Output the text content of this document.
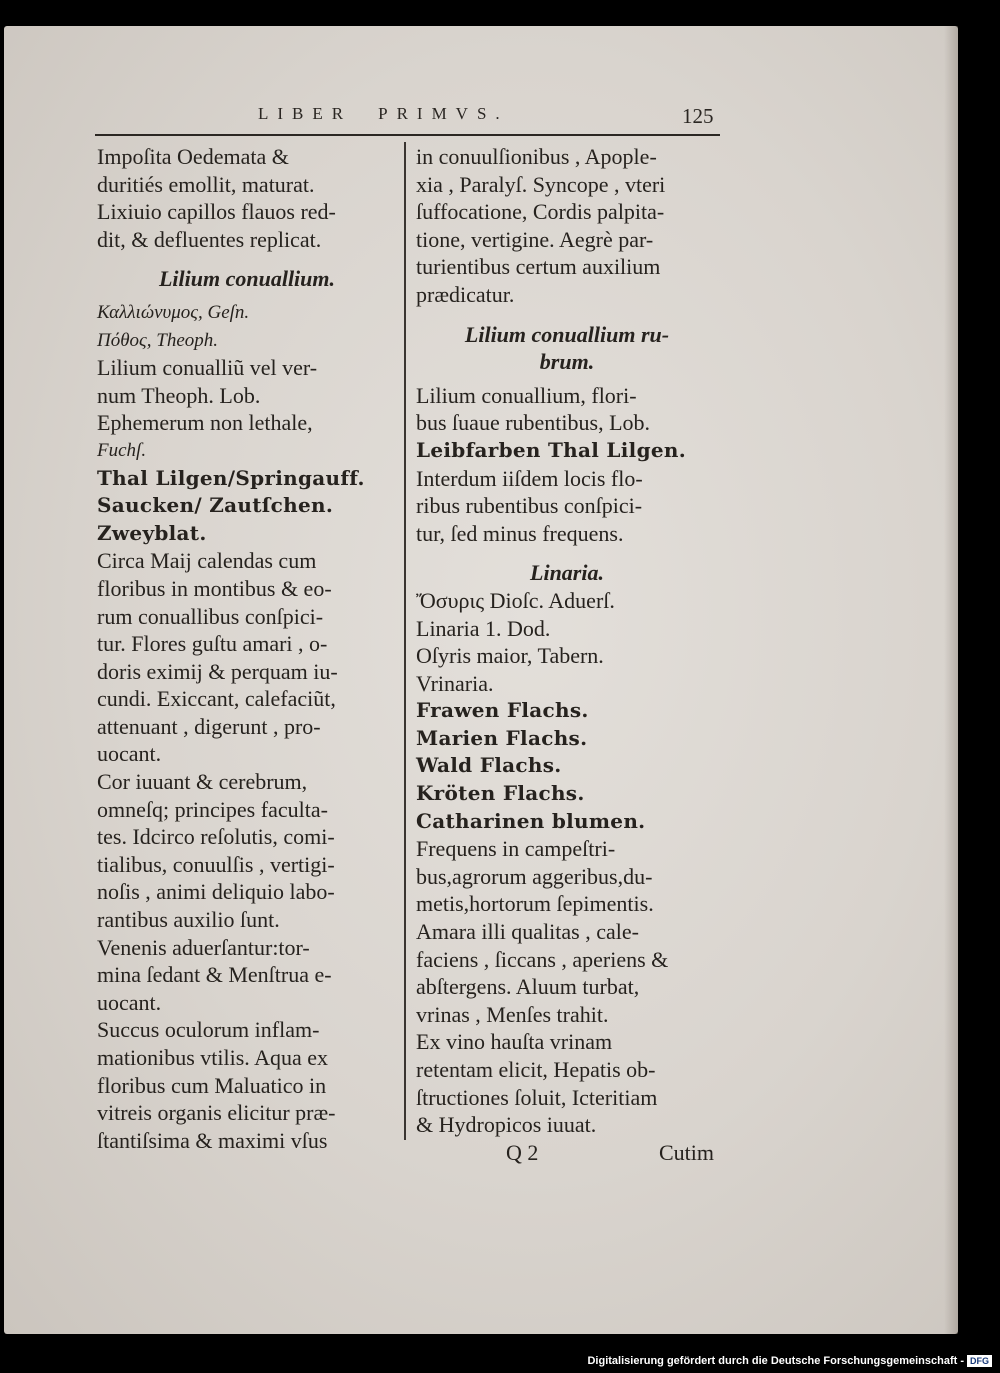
LIBER PRIMVS.	125
Impoſita Oedemata &
duritiés emollit, maturat.
Lixiuio capillos flauos red-
dit, & defluentes replicat.
Lilium conuallium.
Καλλιώνυμος, Geſn.
Πόθος, Theoph.
Lilium conualliũ vel ver-
num Theoph. Lob.
Ephemerum non lethale,
Fuchſ.
Thal Lilgen/Springauff.
Saucken/ Zautſchen.
Zweyblat.
Circa Maij calendas cum
floribus in montibus & eo-
rum conuallibus conſpici-
tur. Flores guſtu amari , o-
doris eximij & perquam iu-
cundi. Exiccant, calefaciũt,
attenuant , digerunt , pro-
uocant.
Cor iuuant & cerebrum,
omneſq; principes faculta-
tes. Idcirco reſolutis, comi-
tialibus, conuulſis , vertigi-
noſis , animi deliquio labo-
rantibus auxilio ſunt.
Venenis aduerſantur:tor-
mina ſedant & Menſtrua e-
uocant.
Succus oculorum inflam-
mationibus vtilis. Aqua ex
floribus cum Maluatico in
vitreis organis elicitur præ-
ſtantiſsima & maximi vſus
in conuulſionibus , Apople-
xia , Paralyſ. Syncope , vteri
ſuffocatione, Cordis palpita-
tione, vertigine. Aegrè par-
turientibus certum auxilium
prædicatur.
Lilium conuallium ru-
brum.
Lilium conuallium, flori-
bus ſuaue rubentibus, Lob.
Leibfarben Thal Lilgen.
Interdum iiſdem locis flo-
ribus rubentibus conſpici-
tur, ſed minus frequens.
Linaria.
Ὄσυρις Dioſc. Aduerſ.
Linaria 1. Dod.
Oſyris maior, Tabern.
Vrinaria.
Frawen Flachs.
Marien Flachs.
Wald Flachs.
Kröten Flachs.
Catharinen blumen.
Frequens in campeſtri-
bus,agrorum aggeribus,du-
metis,hortorum ſepimentis.
Amara illi qualitas , cale-
faciens , ſiccans , aperiens &
abſtergens. Aluum turbat,
vrinas , Menſes trahit.
Ex vino hauſta vrinam
retentam elicit, Hepatis ob-
ſtructiones ſoluit, Icteritiam
& Hydropicos iuuat.
Q 2	Cutim
Digitalisierung gefördert durch die Deutsche Forschungsgemeinschaft - DFG
